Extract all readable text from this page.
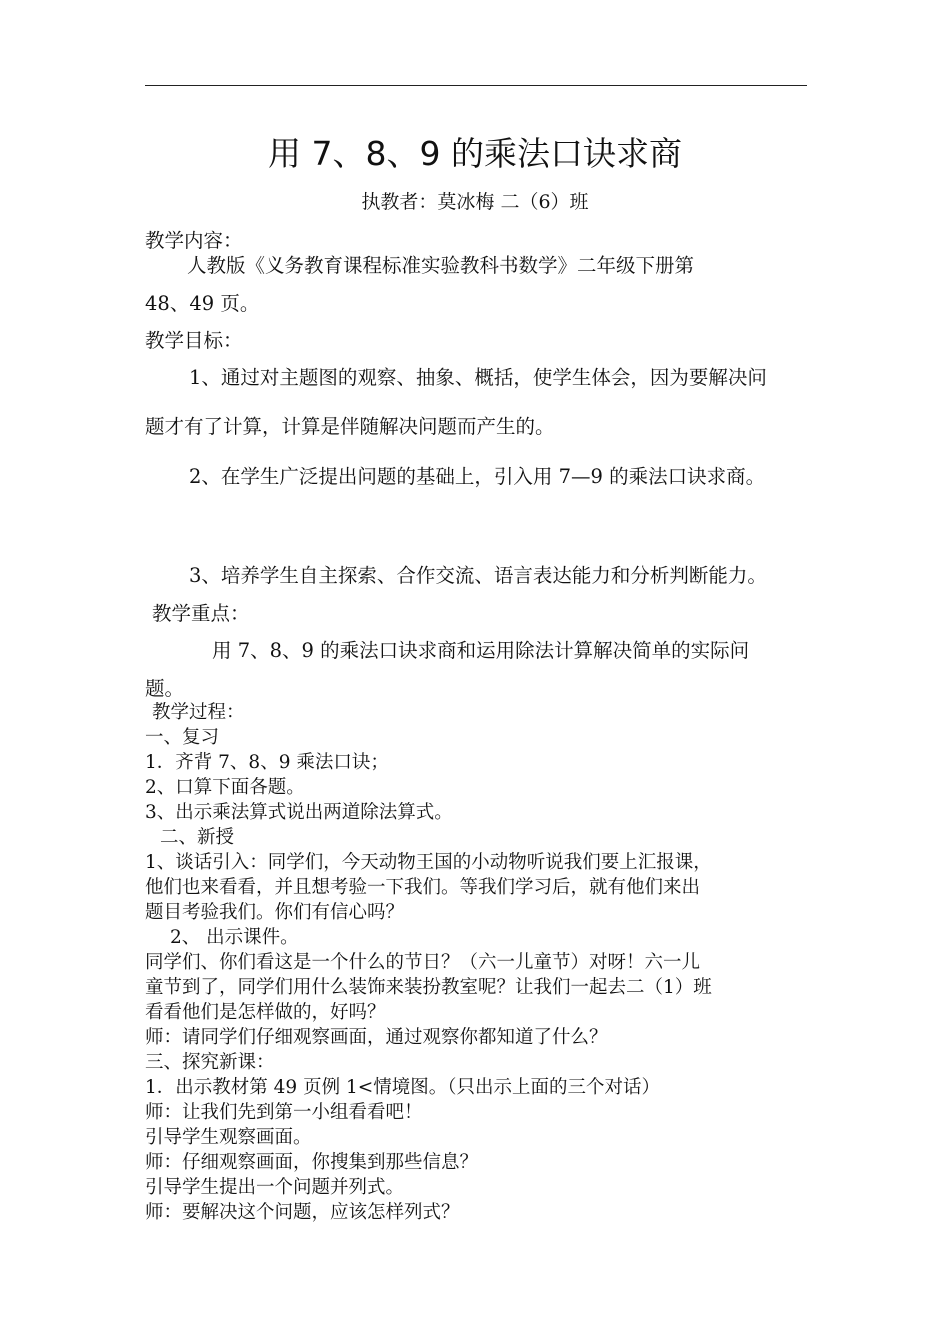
用 7、8、9 的乘法口诀求商
执教者：莫冰梅 二（6）班
教学内容：
人教版《义务教育课程标准实验教科书数学》二年级下册第
48、49 页。
教学目标：
1、通过对主题图的观察、抽象、概括，使学生体会，因为要解决问
题才有了计算，计算是伴随解决问题而产生的。
2、在学生广泛提出问题的基础上，引入用 7—9 的乘法口诀求商。
3、培养学生自主探索、合作交流、语言表达能力和分析判断能力。
教学重点：
用 7、8、9 的乘法口诀求商和运用除法计算解决简单的实际问
题。
教学过程：
一、复习
1．齐背 7、8、9 乘法口诀；
2、口算下面各题。
3、出示乘法算式说出两道除法算式。
二、新授
1、谈话引入：同学们，今天动物王国的小动物听说我们要上汇报课，
他们也来看看，并且想考验一下我们。等我们学习后，就有他们来出
题目考验我们。你们有信心吗？
2、 出示课件。
同学们、你们看这是一个什么的节日？（六一儿童节）对呀！六一儿
童节到了，同学们用什么装饰来装扮教室呢？让我们一起去二（1）班
看看他们是怎样做的，好吗？
师：请同学们仔细观察画面，通过观察你都知道了什么？
三、探究新课：
1．出示教材第 49 页例 1<情境图。（只出示上面的三个对话）
师：让我们先到第一小组看看吧！
引导学生观察画面。
师：仔细观察画面，你搜集到那些信息？
引导学生提出一个问题并列式。
师：要解决这个问题，应该怎样列式？
